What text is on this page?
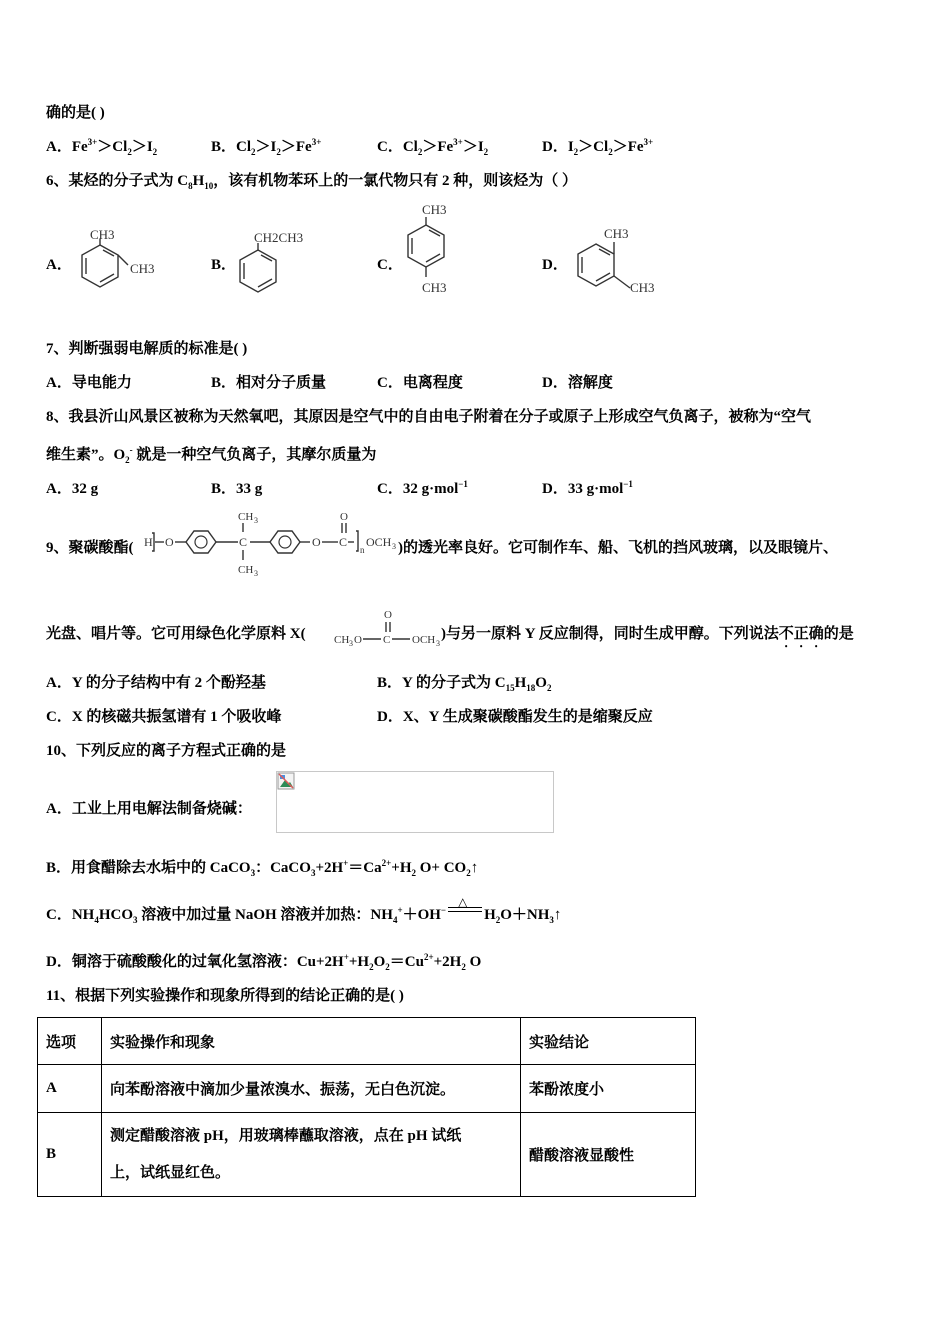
确的是( )
A．$Fe^{3+}>Cl_2>I_2$	B．$Cl_2>I_2>Fe^{3+}$	C．$Cl_2>Fe^{3+}>I_2$	D．$I_2>Cl_2>Fe^{3+}$
6、某烃的分子式为 $C_8H_{10}$，该有机物苯环上的一氯代物只有 2 种，则该烃为（ ）
A．
CH3
CH3	B．
CH2CH3
C．
CH3
CH3
D．
CH3
CH3
7、判断强弱电解质的标准是( )
A．导电能力	B．相对分子质量	C．电离程度	D．溶解度
8、我县沂山风景区被称为天然氧吧，其原因是空气中的自由电子附着在分子或原子上形成空气负离子，被称为“空气
维生素”。$O_2^-$ 就是一种空气负离子，其摩尔质量为
A．32 g	B．33 g	C．32 g·mol$^{-1}$	D．33 g·mol$^{-1}$
9、聚碳酸酯( H O	C
CH 3
CH 3
O C
O
n
OCH 3 )的透光率良好。它可制作车、船、飞机的挡风玻璃，以及眼镜片、
光盘、唱片等。它可用绿色化学原料 X(
O
CH 3 O C OCH 3
)与另一原料 Y 反应制得，同时生成甲醇。下列说法不正确的是
A．Y 的分子结构中有 2 个酚羟基	B．Y 的分子式为 $C_{15}H_{18}O_2$
C．X 的核磁共振氢谱有 1 个吸收峰	D．X、Y 生成聚碳酸酯发生的是缩聚反应
10、下列反应的离子方程式正确的是
A．工业上用电解法制备烧碱：
B．用食醋除去水垢中的 CaCO$_3$：$CaCO_3+2H^+=Ca^{2+}+H_2$ $O+ CO_2↑$
C．$NH_4HCO_3$ 溶液中加过量 NaOH 溶液并加热：$NH_4^++OH^-$
△
$H_2O+NH_3↑$
D．铜溶于硫酸酸化的过氧化氢溶液：$Cu+2H^++H_2O_2=Cu^{2+}+2H_2$ O
11、根据下列实验操作和现象所得到的结论正确的是( )
选项	实验操作和现象	实验结论
A	向苯酚溶液中滴加少量浓溴水、振荡，无白色沉淀。	苯酚浓度小
B	测定醋酸溶液 pH，用玻璃棒蘸取溶液，点在 pH 试纸
上，试纸显红色。	醋酸溶液显酸性
